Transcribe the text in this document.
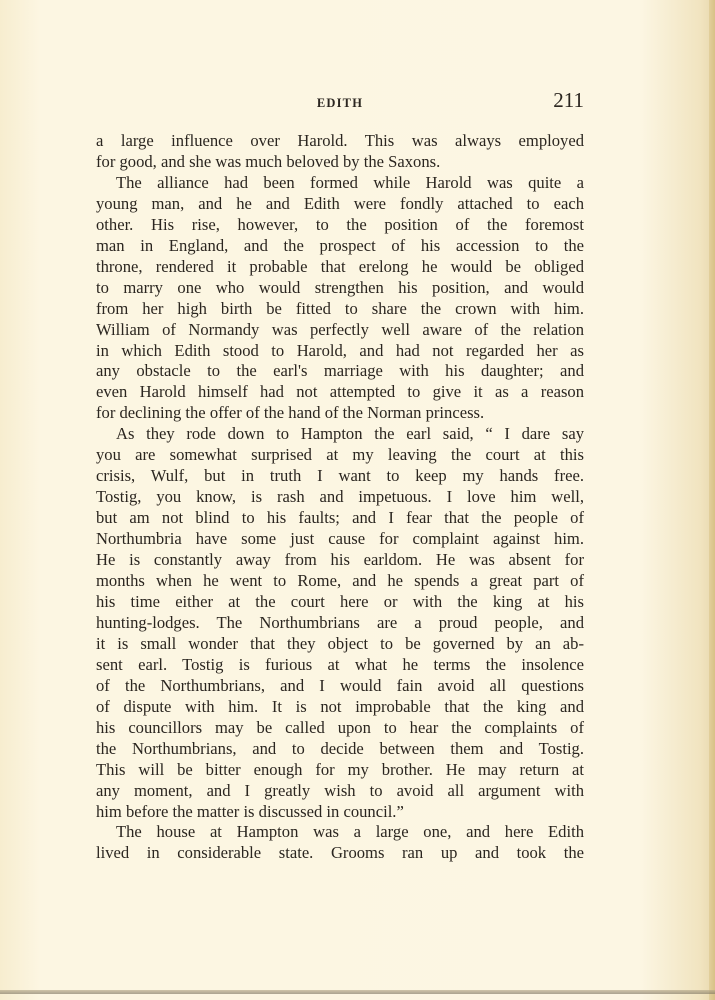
EDITH	211
a large influence over Harold. This was always employed
for good, and she was much beloved by the Saxons.
The alliance had been formed while Harold was quite a
young man, and he and Edith were fondly attached to each
other. His rise, however, to the position of the foremost
man in England, and the prospect of his accession to the
throne, rendered it probable that erelong he would be obliged
to marry one who would strengthen his position, and would
from her high birth be fitted to share the crown with him.
William of Normandy was perfectly well aware of the relation
in which Edith stood to Harold, and had not regarded her as
any obstacle to the earl's marriage with his daughter; and
even Harold himself had not attempted to give it as a reason
for declining the offer of the hand of the Norman princess.
As they rode down to Hampton the earl said, “ I dare say
you are somewhat surprised at my leaving the court at this
crisis, Wulf, but in truth I want to keep my hands free.
Tostig, you know, is rash and impetuous. I love him well,
but am not blind to his faults; and I fear that the people of
Northumbria have some just cause for complaint against him.
He is constantly away from his earldom. He was absent for
months when he went to Rome, and he spends a great part of
his time either at the court here or with the king at his
hunting-lodges. The Northumbrians are a proud people, and
it is small wonder that they object to be governed by an ab-
sent earl. Tostig is furious at what he terms the insolence
of the Northumbrians, and I would fain avoid all questions
of dispute with him. It is not improbable that the king and
his councillors may be called upon to hear the complaints of
the Northumbrians, and to decide between them and Tostig.
This will be bitter enough for my brother. He may return at
any moment, and I greatly wish to avoid all argument with
him before the matter is discussed in council.”
The house at Hampton was a large one, and here Edith
lived in considerable state. Grooms ran up and took the
